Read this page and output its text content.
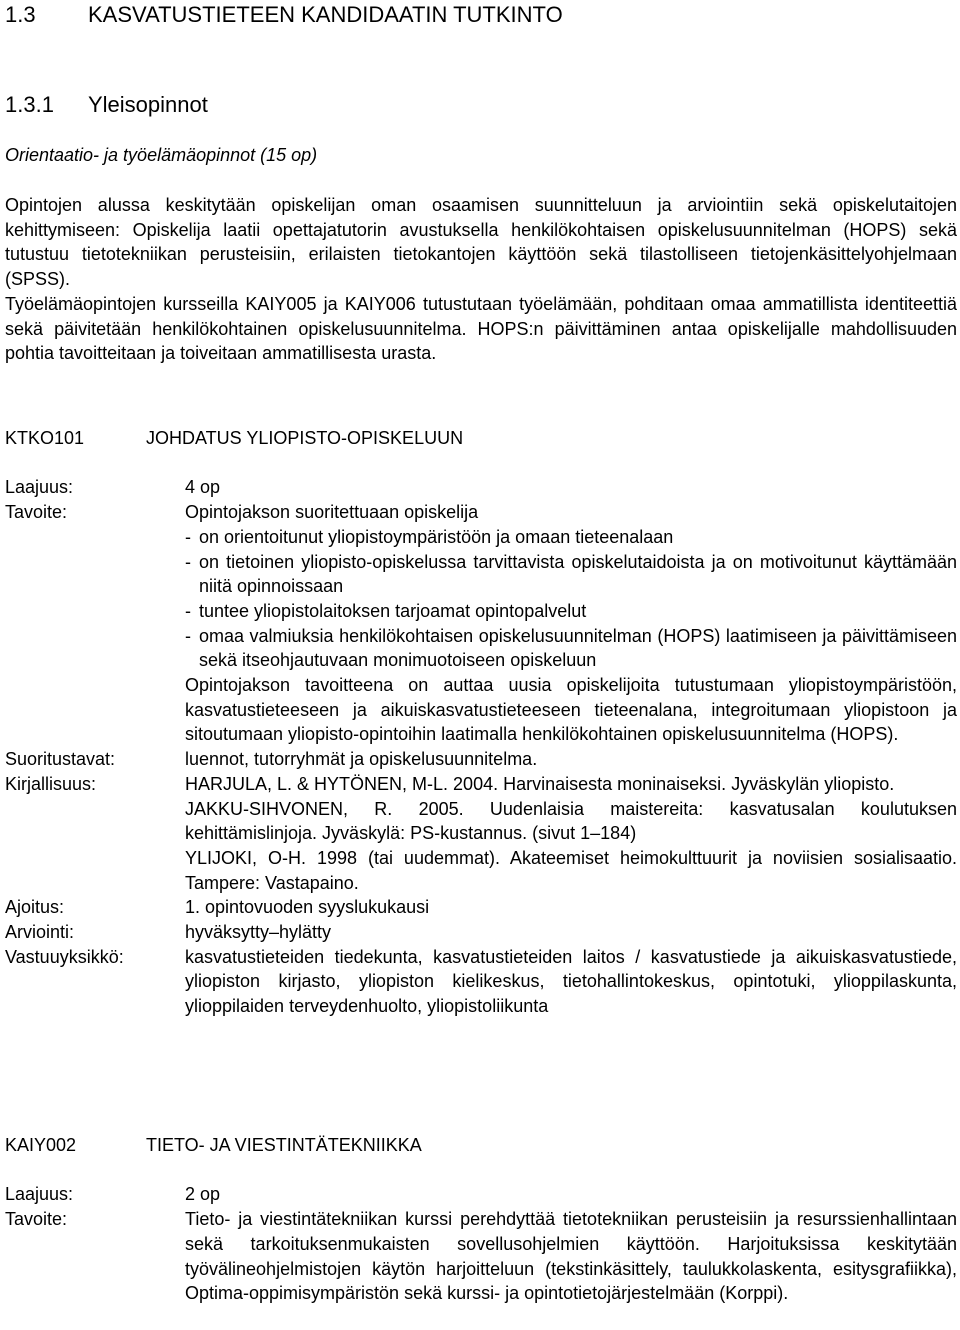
1.3 KASVATUSTIETEEN KANDIDAATIN TUTKINTO
1.3.1 Yleisopinnot
Orientaatio- ja työelämäopinnot (15 op)

Opintojen alussa keskitytään opiskelijan oman osaamisen suunnitteluun ja arviointiin sekä opiskelutaitojen kehittymiseen: Opiskelija laatii opettajatutorin avustuksella henkilökohtaisen opiskelusuunnitelman (HOPS) sekä tutustuu tietotekniikan perusteisiin, erilaisten tietokantojen käyttöön sekä tilastolliseen tietojenkäsittelyohjelmaan (SPSS).

Työelämäopintojen kursseilla KAIY005 ja KAIY006 tutustutaan työelämään, pohditaan omaa ammatillista identiteettiä sekä päivitetään henkilökohtainen opiskelusuunnitelma. HOPS:n päivittäminen antaa opiskelijalle mahdollisuuden pohtia tavoitteitaan ja toiveitaan ammatillisesta urasta.

KTKO101	JOHDATUS YLIOPISTO-OPISKELUUN
Laajuus:	4 op
Tavoite:	Opintojakson suoritettuaan opiskelija
- on orientoitunut yliopistoympäristöön ja omaan tieteenalaan
- on tietoinen yliopisto-opiskelussa tarvittavista opiskelutaidoista ja on motivoitunut käyttämään niitä opinnoissaan
- tuntee yliopistolaitoksen tarjoamat opintopalvelut
- omaa valmiuksia henkilökohtaisen opiskelusuunnitelman (HOPS) laatimiseen ja päivittämiseen sekä itseohjautuvaan monimuotoiseen opiskeluun
Opintojakson tavoitteena on auttaa uusia opiskelijoita tutustumaan yliopistoympäristöön, kasvatustieteeseen ja aikuiskasvatustieteeseen tieteenalana, integroitumaan yliopistoon ja sitoutumaan yliopisto-opintoihin laatimalla henkilökohtainen opiskelusuunnitelma (HOPS).
Suoritustavat:	luennot, tutorryhmät ja opiskelusuunnitelma.
Kirjallisuus:	HARJULA, L. & HYTÖNEN, M-L. 2004. Harvinaisesta moninaiseksi. Jyväskylän yliopisto.
JAKKU-SIHVONEN, R. 2005. Uudenlaisia maistereita: kasvatusalan koulutuksen kehittämislinjoja. Jyväskylä: PS-kustannus. (sivut 1–184)
YLIJOKI, O-H. 1998 (tai uudemmat). Akateemiset heimokulttuurit ja noviisien sosialisaatio. Tampere: Vastapaino.
Ajoitus:	1. opintovuoden syyslukukausi
Arviointi:	hyväksytty–hylätty
Vastuuyksikkö:	kasvatustieteiden tiedekunta, kasvatustieteiden laitos / kasvatustiede ja aikuiskasvatustiede, yliopiston kirjasto, yliopiston kielikeskus, tietohallintokeskus, opintotuki, ylioppilaskunta, ylioppilaiden terveydenhuolto, yliopistoliikunta
KAIY002	TIETO- JA VIESTINTÄTEKNIIKKA
Laajuus:	2 op
Tavoite:	Tieto- ja viestintätekniikan kurssi perehdyttää tietotekniikan perusteisiin ja resurssienhallintaan sekä tarkoituksenmukaisten sovellusohjelmien käyttöön. Harjoituksissa keskitytään työvälineohjelmistojen käytön harjoitteluun (tekstinkäsittely, taulukkolaskenta, esitysgrafiikka), Optima-oppimisympäristön sekä kurssi- ja opintotietojärjestelmään (Korppi).
